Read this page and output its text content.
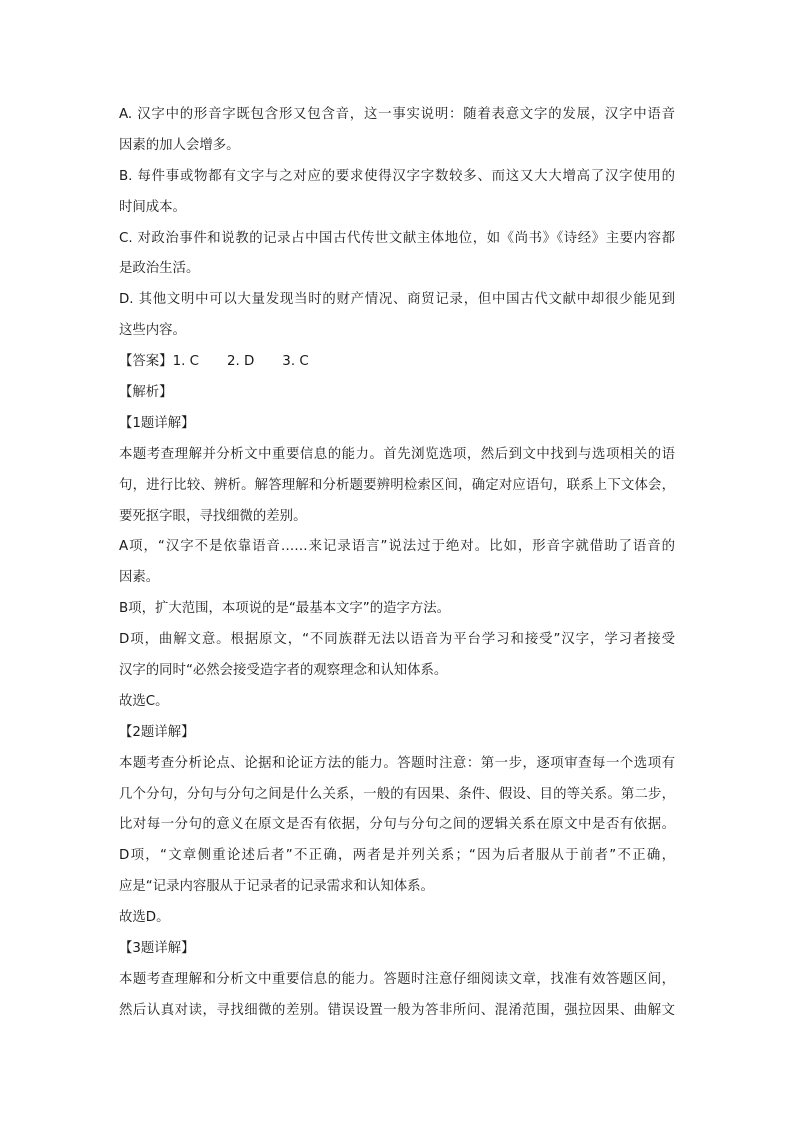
A. 汉字中的形音字既包含形又包含音，这一事实说明：随着表意文字的发展，汉字中语音
因素的加人会增多。
B. 每件事或物都有文字与之对应的要求使得汉字字数较多、而这又大大增高了汉字使用的
时间成本。
C. 对政治事件和说教的记录占中国古代传世文献主体地位，如《尚书》《诗经》主要内容都
是政治生活。
D. 其他文明中可以大量发现当时的财产情况、商贸记录，但中国古代文献中却很少能见到
这些内容。
【答案】1. C 2. D 3. C
【解析】
【1题详解】
本题考查理解并分析文中重要信息的能力。首先浏览选项，然后到文中找到与选项相关的语
句，进行比较、辨析。解答理解和分析题要辨明检索区间，确定对应语句，联系上下文体会，
要死抠字眼，寻找细微的差别。
A项，“汉字不是依靠语音……来记录语言”说法过于绝对。比如，形音字就借助了语音的
因素。
B项，扩大范围，本项说的是“最基本文字”的造字方法。
D项，曲解文意。根据原文，“不同族群无法以语音为平台学习和接受”汉字，学习者接受
汉字的同时“必然会接受造字者的观察理念和认知体系。
故选C。
【2题详解】
本题考查分析论点、论据和论证方法的能力。答题时注意：第一步，逐项审查每一个选项有
几个分句，分句与分句之间是什么关系，一般的有因果、条件、假设、目的等关系。第二步，
比对每一分句的意义在原文是否有依据，分句与分句之间的逻辑关系在原文中是否有依据。
D项，“文章侧重论述后者”不正确，两者是并列关系；“因为后者服从于前者”不正确，
应是“记录内容服从于记录者的记录需求和认知体系。
故选D。
【3题详解】
本题考查理解和分析文中重要信息的能力。答题时注意仔细阅读文章，找准有效答题区间，
然后认真对读，寻找细微的差别。错误设置一般为答非所问、混淆范围，强拉因果、曲解文
